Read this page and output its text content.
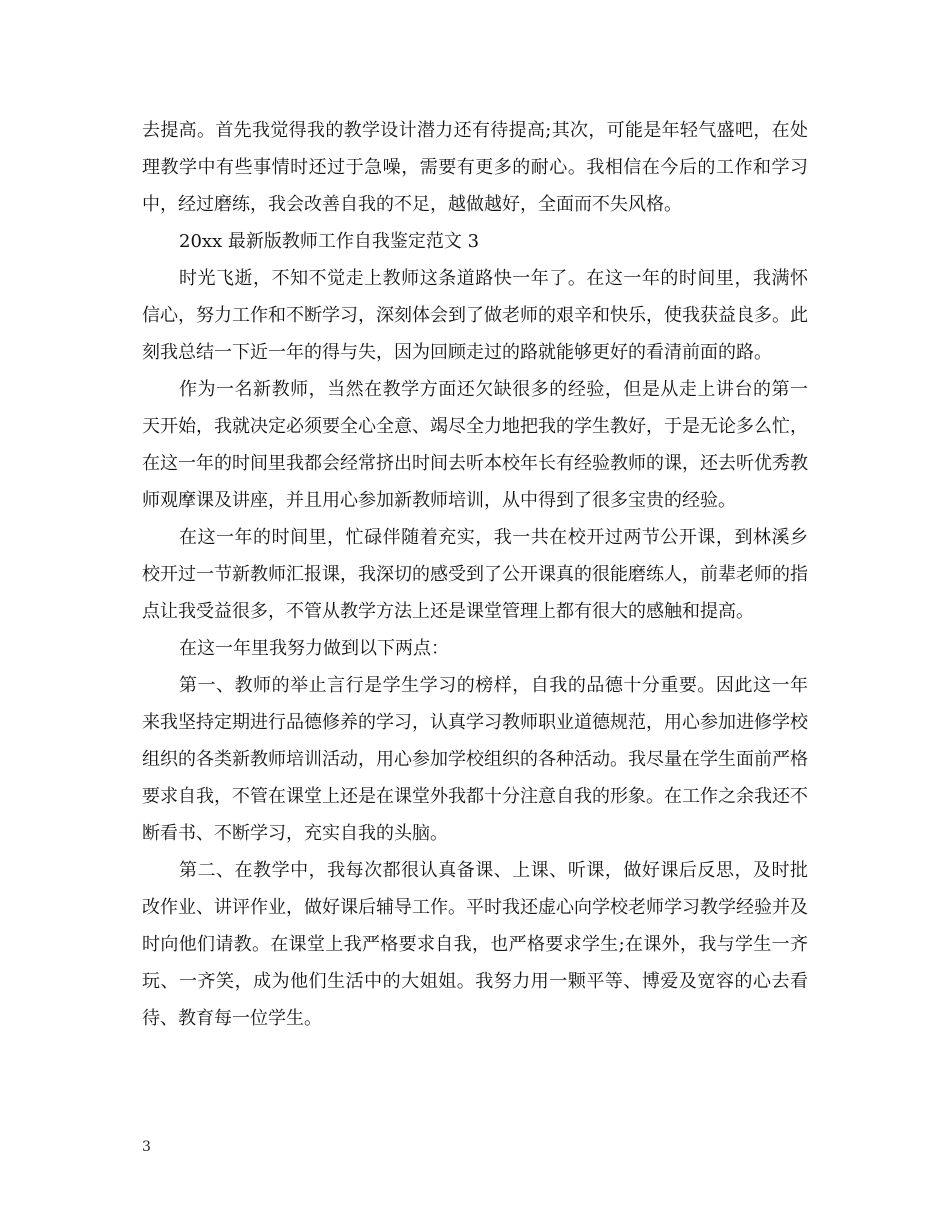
去提高。首先我觉得我的教学设计潜力还有待提高;其次，可能是年轻气盛吧，在处理教学中有些事情时还过于急噪，需要有更多的耐心。我相信在今后的工作和学习中，经过磨练，我会改善自我的不足，越做越好，全面而不失风格。

20xx 最新版教师工作自我鉴定范文 3

时光飞逝，不知不觉走上教师这条道路快一年了。在这一年的时间里，我满怀信心，努力工作和不断学习，深刻体会到了做老师的艰辛和快乐，使我获益良多。此刻我总结一下近一年的得与失，因为回顾走过的路就能够更好的看清前面的路。

作为一名新教师，当然在教学方面还欠缺很多的经验，但是从走上讲台的第一天开始，我就决定必须要全心全意、竭尽全力地把我的学生教好，于是无论多么忙，在这一年的时间里我都会经常挤出时间去听本校年长有经验教师的课，还去听优秀教师观摩课及讲座，并且用心参加新教师培训，从中得到了很多宝贵的经验。

在这一年的时间里，忙碌伴随着充实，我一共在校开过两节公开课，到林溪乡校开过一节新教师汇报课，我深切的感受到了公开课真的很能磨练人，前辈老师的指点让我受益很多，不管从教学方法上还是课堂管理上都有很大的感触和提高。

在这一年里我努力做到以下两点：

第一、教师的举止言行是学生学习的榜样，自我的品德十分重要。因此这一年来我坚持定期进行品德修养的学习，认真学习教师职业道德规范，用心参加进修学校组织的各类新教师培训活动，用心参加学校组织的各种活动。我尽量在学生面前严格要求自我，不管在课堂上还是在课堂外我都十分注意自我的形象。在工作之余我还不断看书、不断学习，充实自我的头脑。

第二、在教学中，我每次都很认真备课、上课、听课，做好课后反思，及时批改作业、讲评作业，做好课后辅导工作。平时我还虚心向学校老师学习教学经验并及时向他们请教。在课堂上我严格要求自我，也严格要求学生;在课外，我与学生一齐玩、一齐笑，成为他们生活中的大姐姐。我努力用一颗平等、博爱及宽容的心去看待、教育每一位学生。

3
